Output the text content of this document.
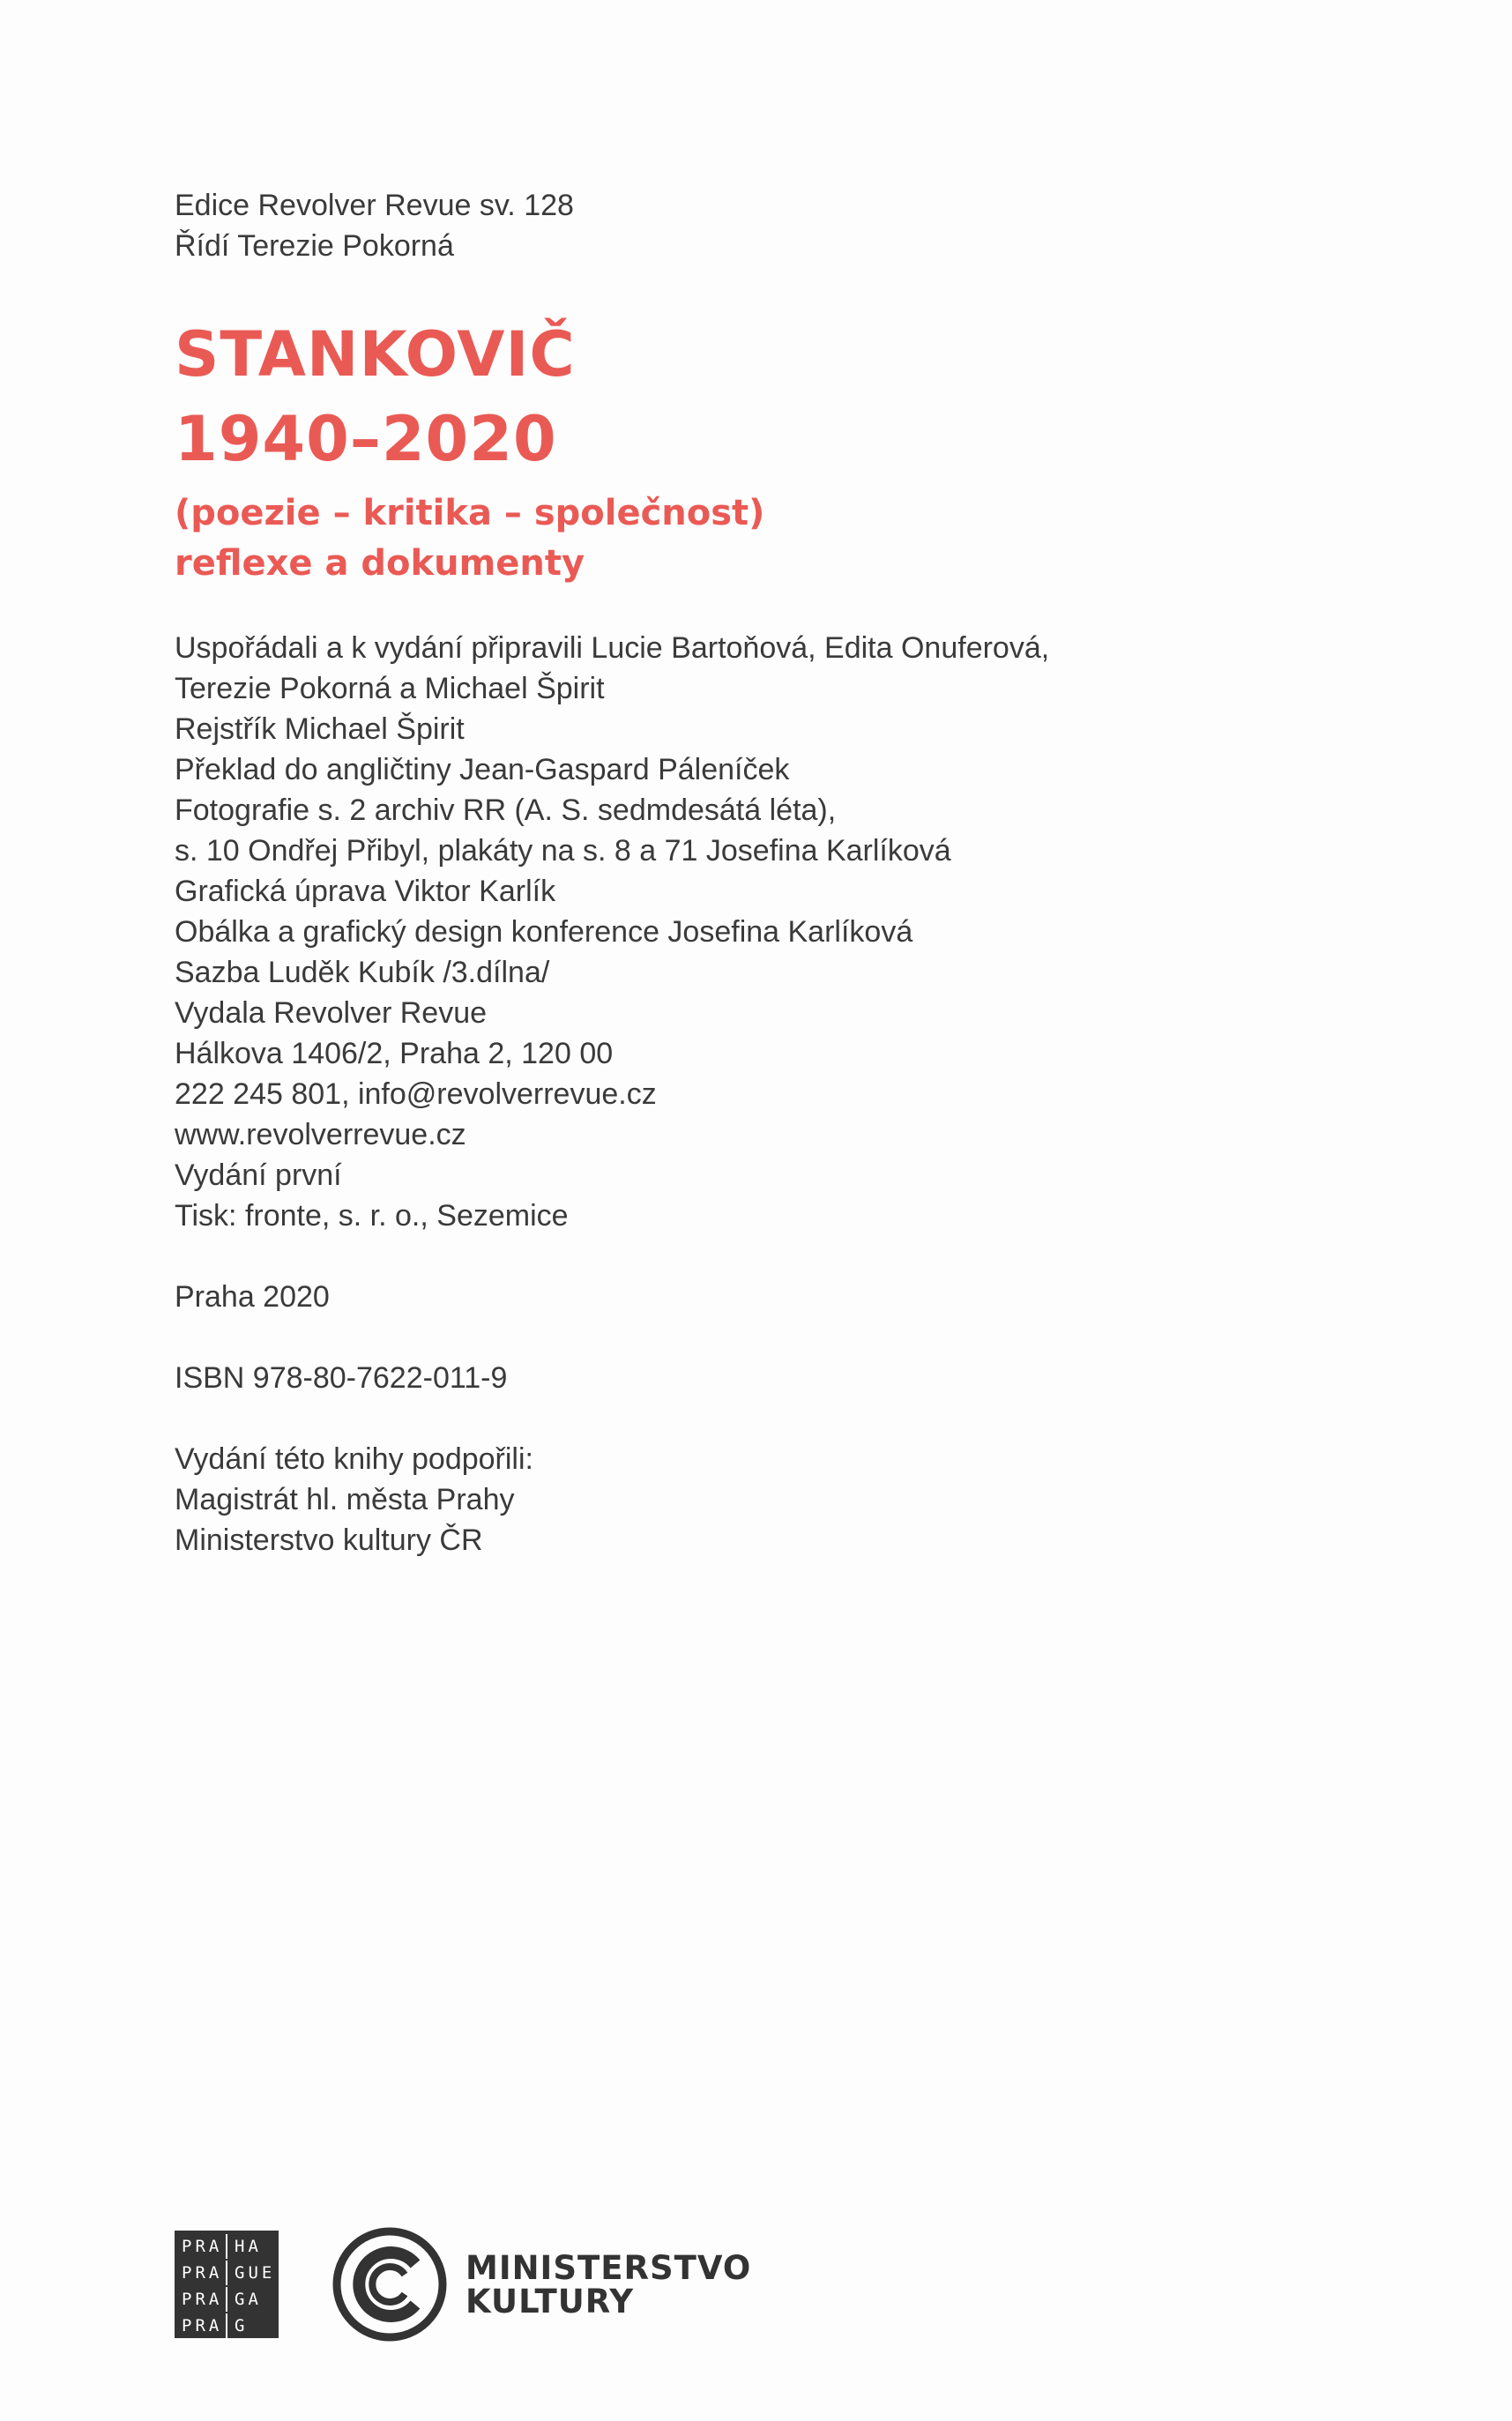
Edice Revolver Revue sv. 128

Řídí Terezie Pokorná

STANKOVIČ
1940–2020
(poezie – kritika – společnost)
reflexe a dokumenty

Uspořádali a k vydání připravili Lucie Bartoňová, Edita Onuferová,

Terezie Pokorná a Michael Špirit

Rejstřík Michael Špirit

Překlad do angličtiny Jean-Gaspard Páleníček

Fotografie s. 2 archiv RR (A. S. sedmdesátá léta),

s. 10 Ondřej Přibyl, plakáty na s. 8 a 71 Josefina Karlíková

Grafická úprava Viktor Karlík

Obálka a grafický design konference Josefina Karlíková

Sazba Luděk Kubík /3.dílna/

Vydala Revolver Revue

Hálkova 1406/2, Praha 2, 120 00

222 245 801, info@revolverrevue.cz

www.revolverrevue.cz

Vydání první

Tisk: fronte, s. r. o., Sezemice

Praha 2020

ISBN 978-80-7622-011-9

Vydání této knihy podpořili:

Magistrát hl. města Prahy

Ministerstvo kultury ČR

PRA HA
PRA GUE
PRA GA
PRA G
MINISTERSTVO
KULTURY
